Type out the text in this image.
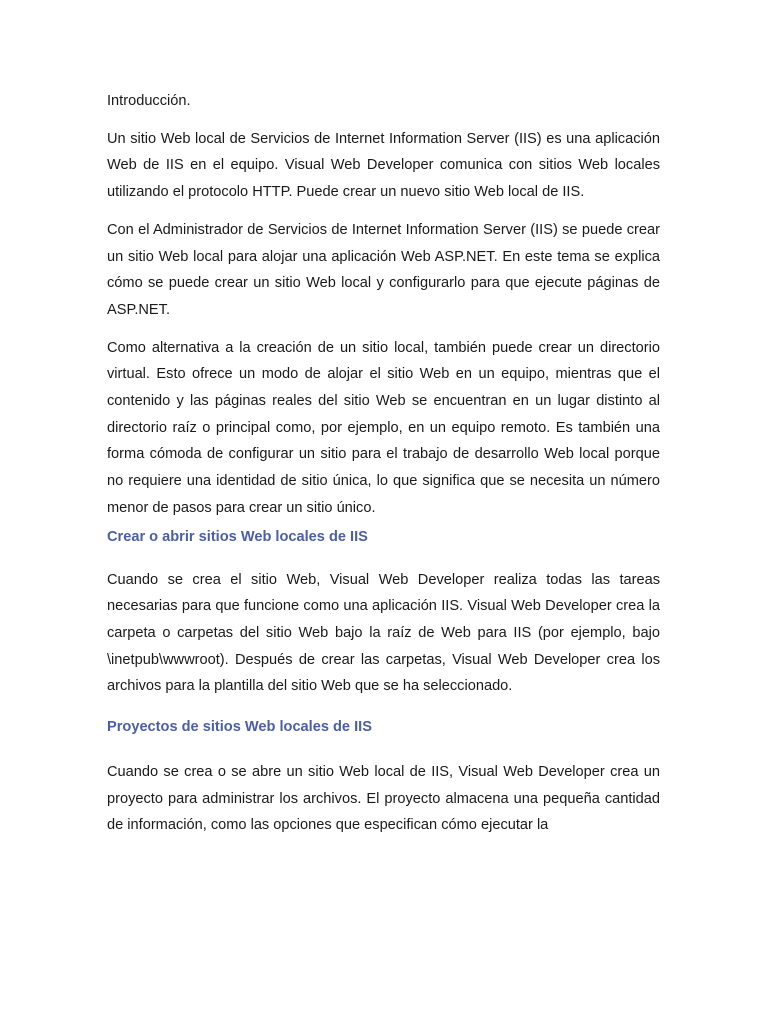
Introducción.

Un sitio Web local de Servicios de Internet Information Server (IIS) es una aplicación Web de IIS en el equipo. Visual Web Developer comunica con sitios Web locales utilizando el protocolo HTTP. Puede crear un nuevo sitio Web local de IIS.

Con el Administrador de Servicios de Internet Information Server (IIS) se puede crear un sitio Web local para alojar una aplicación Web ASP.NET. En este tema se explica cómo se puede crear un sitio Web local y configurarlo para que ejecute páginas de ASP.NET.

Como alternativa a la creación de un sitio local, también puede crear un directorio virtual. Esto ofrece un modo de alojar el sitio Web en un equipo, mientras que el contenido y las páginas reales del sitio Web se encuentran en un lugar distinto al directorio raíz o principal como, por ejemplo, en un equipo remoto. Es también una forma cómoda de configurar un sitio para el trabajo de desarrollo Web local porque no requiere una identidad de sitio única, lo que significa que se necesita un número menor de pasos para crear un sitio único.

Crear o abrir sitios Web locales de IIS

Cuando se crea el sitio Web, Visual Web Developer realiza todas las tareas necesarias para que funcione como una aplicación IIS. Visual Web Developer crea la carpeta o carpetas del sitio Web bajo la raíz de Web para IIS (por ejemplo, bajo \inetpub\wwwroot). Después de crear las carpetas, Visual Web Developer crea los archivos para la plantilla del sitio Web que se ha seleccionado.

Proyectos de sitios Web locales de IIS

Cuando se crea o se abre un sitio Web local de IIS, Visual Web Developer crea un proyecto para administrar los archivos. El proyecto almacena una pequeña cantidad de información, como las opciones que especifican cómo ejecutar la
